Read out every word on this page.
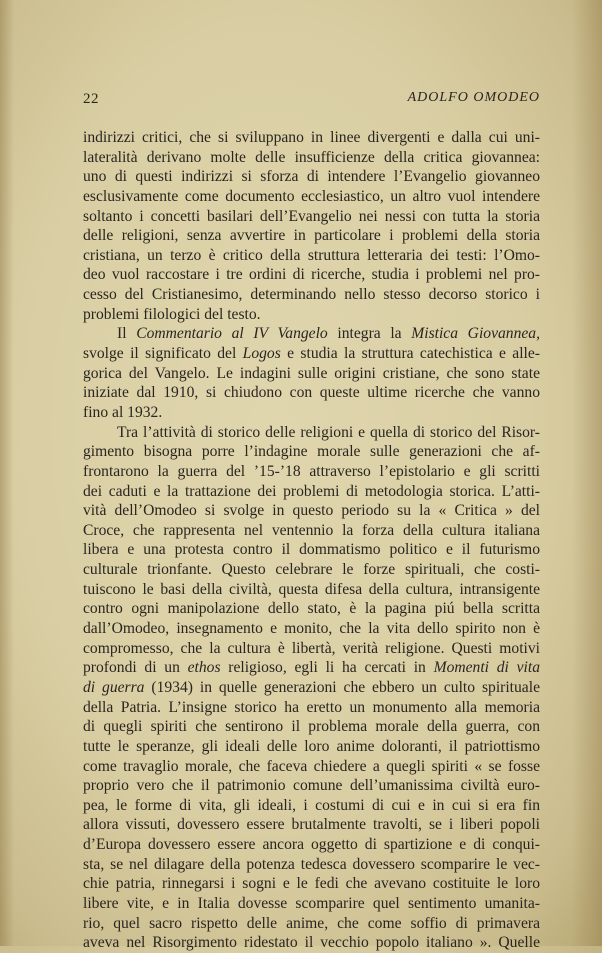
22	ADOLFO OMODEO
indirizzi critici, che si sviluppano in linee divergenti e dalla cui uni-
lateralità derivano molte delle insufficienze della critica giovannea:
uno di questi indirizzi si sforza di intendere l’Evangelio giovanneo
esclusivamente come documento ecclesiastico, un altro vuol intendere
soltanto i concetti basilari dell’Evangelio nei nessi con tutta la storia
delle religioni, senza avvertire in particolare i problemi della storia
cristiana, un terzo è critico della struttura letteraria dei testi: l’Omo-
deo vuol raccostare i tre ordini di ricerche, studia i problemi nel pro-
cesso del Cristianesimo, determinando nello stesso decorso storico i
problemi filologici del testo.
Il Commentario al IV Vangelo integra la Mistica Giovannea,
svolge il significato del Logos e studia la struttura catechistica e alle-
gorica del Vangelo. Le indagini sulle origini cristiane, che sono state
iniziate dal 1910, si chiudono con queste ultime ricerche che vanno
fino al 1932.
Tra l’attività di storico delle religioni e quella di storico del Risor-
gimento bisogna porre l’indagine morale sulle generazioni che af-
frontarono la guerra del ’15-’18 attraverso l’epistolario e gli scritti
dei caduti e la trattazione dei problemi di metodologia storica. L’atti-
vità dell’Omodeo si svolge in questo periodo su la « Critica » del
Croce, che rappresenta nel ventennio la forza della cultura italiana
libera e una protesta contro il dommatismo politico e il futurismo
culturale trionfante. Questo celebrare le forze spirituali, che costi-
tuiscono le basi della civiltà, questa difesa della cultura, intransigente
contro ogni manipolazione dello stato, è la pagina piú bella scritta
dall’Omodeo, insegnamento e monito, che la vita dello spirito non è
compromesso, che la cultura è libertà, verità religione. Questi motivi
profondi di un ethos religioso, egli li ha cercati in Momenti di vita
di guerra (1934) in quelle generazioni che ebbero un culto spirituale
della Patria. L’insigne storico ha eretto un monumento alla memoria
di quegli spiriti che sentirono il problema morale della guerra, con
tutte le speranze, gli ideali delle loro anime doloranti, il patriottismo
come travaglio morale, che faceva chiedere a quegli spiriti « se fosse
proprio vero che il patrimonio comune dell’umanissima civiltà euro-
pea, le forme di vita, gli ideali, i costumi di cui e in cui si era fin
allora vissuti, dovessero essere brutalmente travolti, se i liberi popoli
d’Europa dovessero essere ancora oggetto di spartizione e di conqui-
sta, se nel dilagare della potenza tedesca dovessero scomparire le vec-
chie patria, rinnegarsi i sogni e le fedi che avevano costituite le loro
libere vite, e in Italia dovesse scomparire quel sentimento umanita-
rio, quel sacro rispetto delle anime, che come soffio di primavera
aveva nel Risorgimento ridestato il vecchio popolo italiano ». Quelle
